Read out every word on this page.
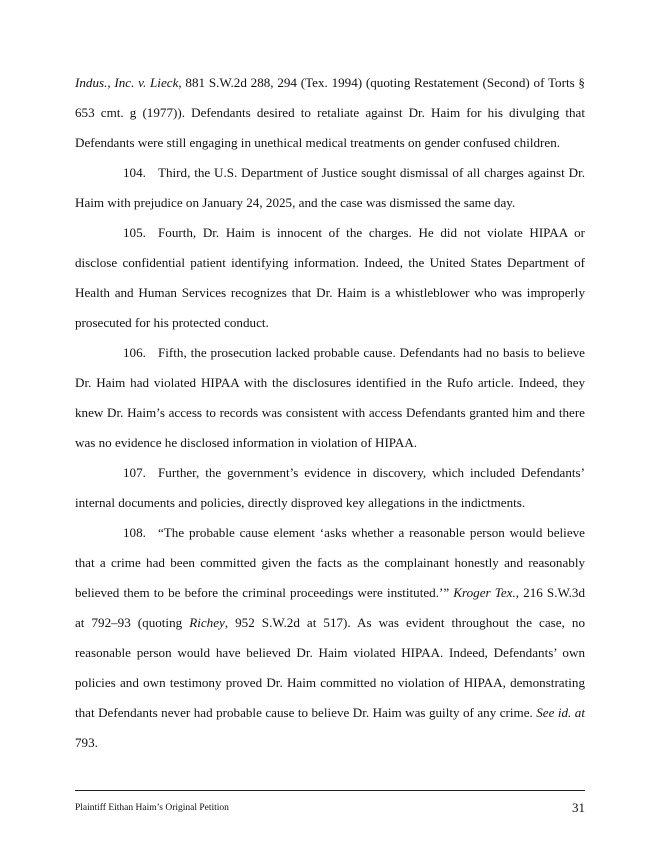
Indus., Inc. v. Lieck, 881 S.W.2d 288, 294 (Tex. 1994) (quoting Restatement (Second) of Torts § 653 cmt. g (1977)). Defendants desired to retaliate against Dr. Haim for his divulging that Defendants were still engaging in unethical medical treatments on gender confused children.

104. Third, the U.S. Department of Justice sought dismissal of all charges against Dr. Haim with prejudice on January 24, 2025, and the case was dismissed the same day.

105. Fourth, Dr. Haim is innocent of the charges. He did not violate HIPAA or disclose confidential patient identifying information. Indeed, the United States Department of Health and Human Services recognizes that Dr. Haim is a whistleblower who was improperly prosecuted for his protected conduct.

106. Fifth, the prosecution lacked probable cause. Defendants had no basis to believe Dr. Haim had violated HIPAA with the disclosures identified in the Rufo article. Indeed, they knew Dr. Haim’s access to records was consistent with access Defendants granted him and there was no evidence he disclosed information in violation of HIPAA.

107. Further, the government’s evidence in discovery, which included Defendants’ internal documents and policies, directly disproved key allegations in the indictments.

108. “The probable cause element ‘asks whether a reasonable person would believe that a crime had been committed given the facts as the complainant honestly and reasonably believed them to be before the criminal proceedings were instituted.’” Kroger Tex., 216 S.W.3d at 792–93 (quoting Richey, 952 S.W.2d at 517). As was evident throughout the case, no reasonable person would have believed Dr. Haim violated HIPAA. Indeed, Defendants’ own policies and own testimony proved Dr. Haim committed no violation of HIPAA, demonstrating that Defendants never had probable cause to believe Dr. Haim was guilty of any crime. See id. at 793.

Plaintiff Eithan Haim’s Original Petition	31
